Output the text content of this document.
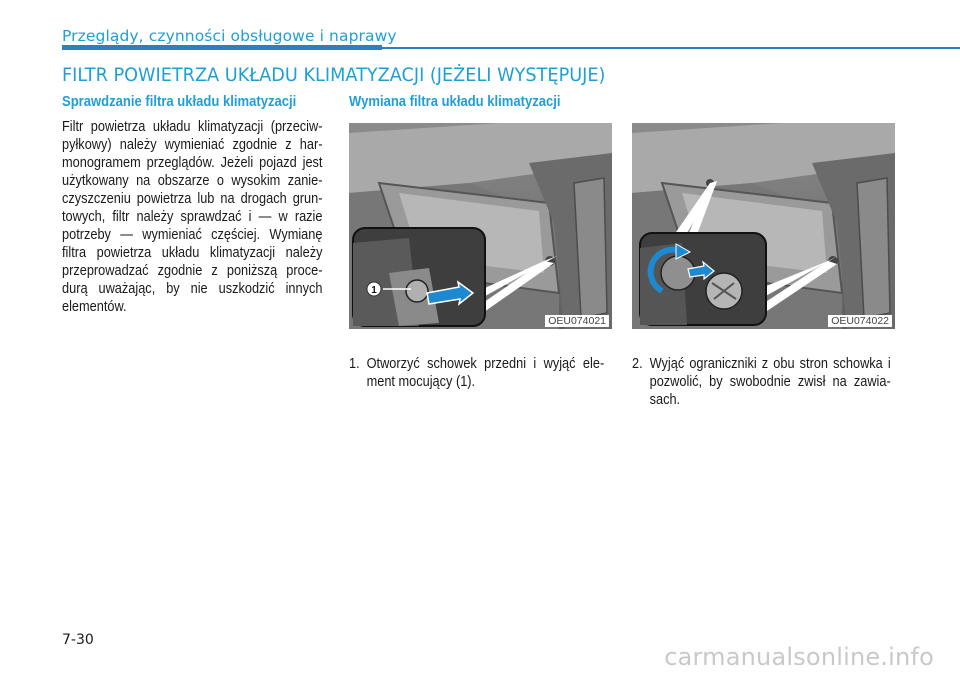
Przeglądy, czynności obsługowe i naprawy
FILTR POWIETRZA UKŁADU KLIMATYZACJI (JEŻELI WYSTĘPUJE)
Sprawdzanie filtra układu klimatyzacji
Filtr powietrza układu klimatyzacji (przeciw-pyłkowy) należy wymieniać zgodnie z har-monogramem przeglądów. Jeżeli pojazd jest użytkowany na obszarze o wysokim zanie-czyszczeniu powietrza lub na drogach grun-towych, filtr należy sprawdzać i — w razie potrzeby — wymieniać częściej. Wymianę filtra powietrza układu klimatyzacji należy przeprowadzać zgodnie z poniższą proce-durą uważając, by nie uszkodzić innych elementów.
Wymiana filtra układu klimatyzacji
1
OEU074021	OEU074022
1. Otworzyć schowek przedni i wyjąć ele-ment mocujący (1).
2. Wyjąć ograniczniki z obu stron schowka i pozwolić, by swobodnie zwisł na zawia-sach.
7-30
carmanualsonline.info
